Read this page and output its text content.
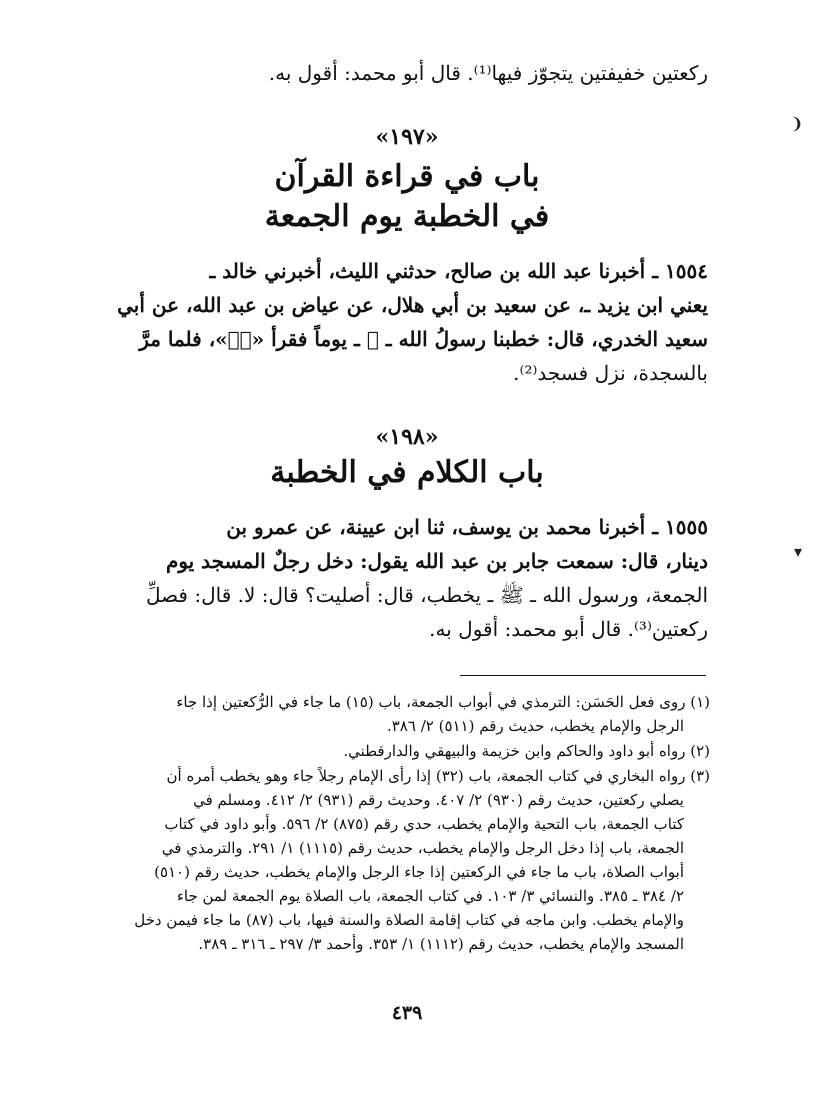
❨
▾
ركعتين خفيفتين يتجوّز فيها⁽¹⁾. قال أبو محمد: أقول به.
«١٩٧»
باب في قراءة القرآن
في الخطبة يوم الجمعة
١٥٥٤ ـ أخبرنا عبد الله بن صالح، حدثني الليث، أخبرني خالد ـ
يعني ابن يزيد ـ، عن سعيد بن أبي هلال، عن عياض بن عبد الله، عن أبي
سعيد الخدري، قال: خطبنا رسولُ الله ـ ﷺ ـ يوماً فقرأ «صۤ»، فلما مرَّ
بالسجدة، نزل فسجد⁽²⁾.
«١٩٨»
باب الكلام في الخطبة
١٥٥٥ ـ أخبرنا محمد بن يوسف، ثنا ابن عيينة، عن عمرو بن
دينار، قال: سمعت جابر بن عبد الله يقول: دخل رجلٌ المسجد يوم
الجمعة، ورسول الله ـ ﷺ ـ يخطب، قال: أصليت؟ قال: لا. قال: فصلِّ
ركعتين⁽³⁾. قال أبو محمد: أقول به.
(١) روى فعل الحَسَن: الترمذي في أبواب الجمعة، باب (١٥) ما جاء في الرُّكعتين إذا جاء
الرجل والإمام يخطب، حديث رقم (٥١١) ٢/ ٣٨٦.
(٢) رواه أبو داود والحاكم وابن خزيمة والبيهقي والدارقطني.
(٣) رواه البخاري في كتاب الجمعة، باب (٣٢) إذا رأى الإمام رجلاً جاء وهو يخطب أمره أن
يصلي ركعتين، حديث رقم (٩٣٠) ٢/ ٤٠٧. وحديث رقم (٩٣١) ٢/ ٤١٢. ومسلم في
كتاب الجمعة، باب التحية والإمام يخطب، حدي رقم (٨٧٥) ٢/ ٥٩٦. وأبو داود في كتاب
الجمعة، باب إذا دخل الرجل والإمام يخطب، حديث رقم (١١١٥) ١/ ٢٩١. والترمذي في
أبواب الصلاة، باب ما جاء في الركعتين إذا جاء الرجل والإمام يخطب، حديث رقم (٥١٠)
٢/ ٣٨٤ ـ ٣٨٥. والنسائي ٣/ ١٠٣. في كتاب الجمعة، باب الصلاة يوم الجمعة لمن جاء
والإمام يخطب. وابن ماجه في كتاب إقامة الصلاة والسنة فيها، باب (٨٧) ما جاء فيمن دخل
المسجد والإمام يخطب، حديث رقم (١١١٢) ١/ ٣٥٣. وأحمد ٣/ ٢٩٧ ـ ٣١٦ ـ ٣٨٩.
٤٣٩
